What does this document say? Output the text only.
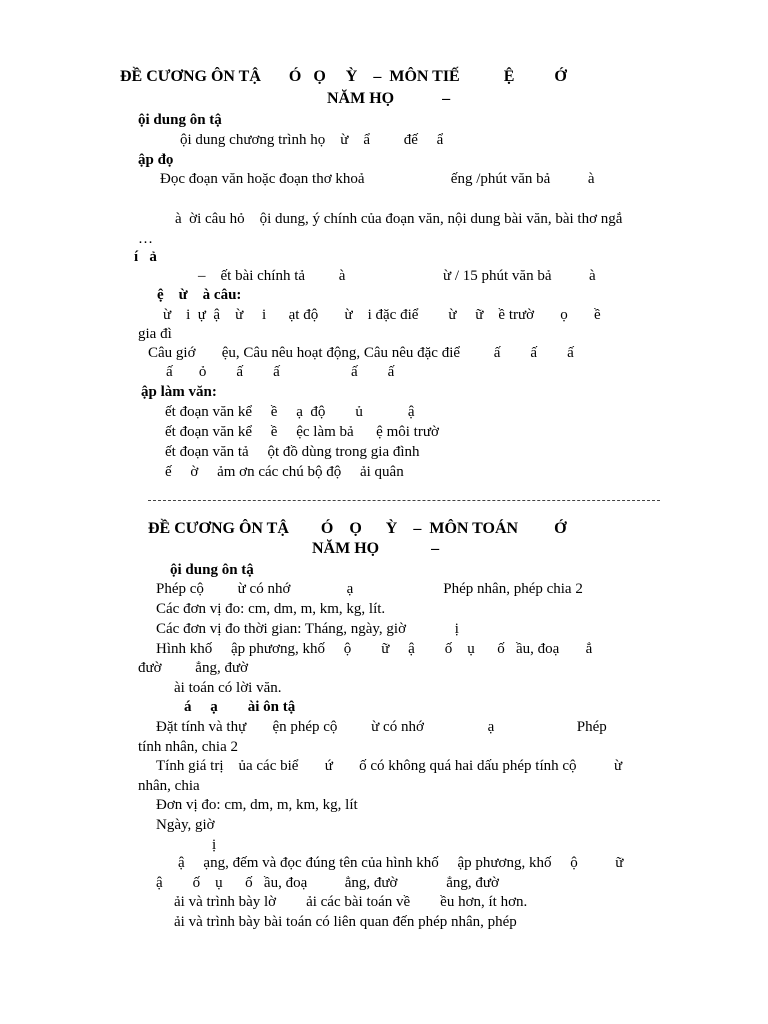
ĐỀ CƯƠNG ÔN TẬ       Ó   Ọ     Ỳ    –  MÔN TIẾ           Ệ          Ớ
NĂM HỌ            –
ội dung ôn tậ
ội dung chương trình họ    ừ    ẩ         đế     ẩ
ập đọ
Đọc đoạn văn hoặc đoạn thơ khoả                       ếng /phút văn bả          à
à  ời câu hỏ    ội dung, ý chính của đoạn văn, nội dung bài văn, bài thơ ngắ
…
í   ả
–    ết bài chính tả         à                          ừ / 15 phút văn bả          à
ệ    ừ    à câu:
ừ    i  ự  ậ    ừ     i      ạt độ       ừ    i đặc điể        ừ     ữ    ề trườ       ọ       ề
gia đì
Câu giớ       ệu, Câu nêu hoạt động, Câu nêu đặc điể         ấ        ấ        ấ
ấ       ỏ        ấ        ấ                   ấ        ấ
ập làm văn:
ết đoạn văn kể     ề     ạ  độ        ủ            ậ
ết đoạn văn kể     ề     ệc làm bả      ệ môi trườ
ết đoạn văn tả     ột đồ dùng trong gia đình
ế     ờ     ảm ơn các chú bộ độ     ải quân
ĐỀ CƯƠNG ÔN TẬ        Ó    Ọ      Ỳ    –  MÔN TOÁN         Ớ
NĂM HỌ             –
ội dung ôn tậ
Phép cộ         ừ có nhớ               ạ                        Phép nhân, phép chia 2
Các đơn vị đo: cm, dm, m, km, kg, lít.
Các đơn vị đo thời gian: Tháng, ngày, giờ             ị
Hình khố     ập phương, khố     ộ        ữ     ậ        ố    ụ      ố   ầu, đoạ       ẳ
đườ         ẳng, đườ
ài toán có lời văn.
á     ạ        ài ôn tậ
Đặt tính và thự       ện phép cộ         ừ có nhớ                 ạ                      Phép
tính nhân, chia 2
Tính giá trị    ủa các biể       ứ       ố có không quá hai dấu phép tính cộ          ừ
nhân, chia
Đơn vị đo: cm, dm, m, km, kg, lít
Ngày, giờ
ị
ậ     ạng, đếm và đọc đúng tên của hình khố     ập phương, khố     ộ          ữ
ậ        ố    ụ      ố   ầu, đoạ          ẳng, đườ             ẳng, đườ
ải và trình bày lờ        ải các bài toán về        ều hơn, ít hơn.
ải và trình bày bài toán có liên quan đến phép nhân, phép
